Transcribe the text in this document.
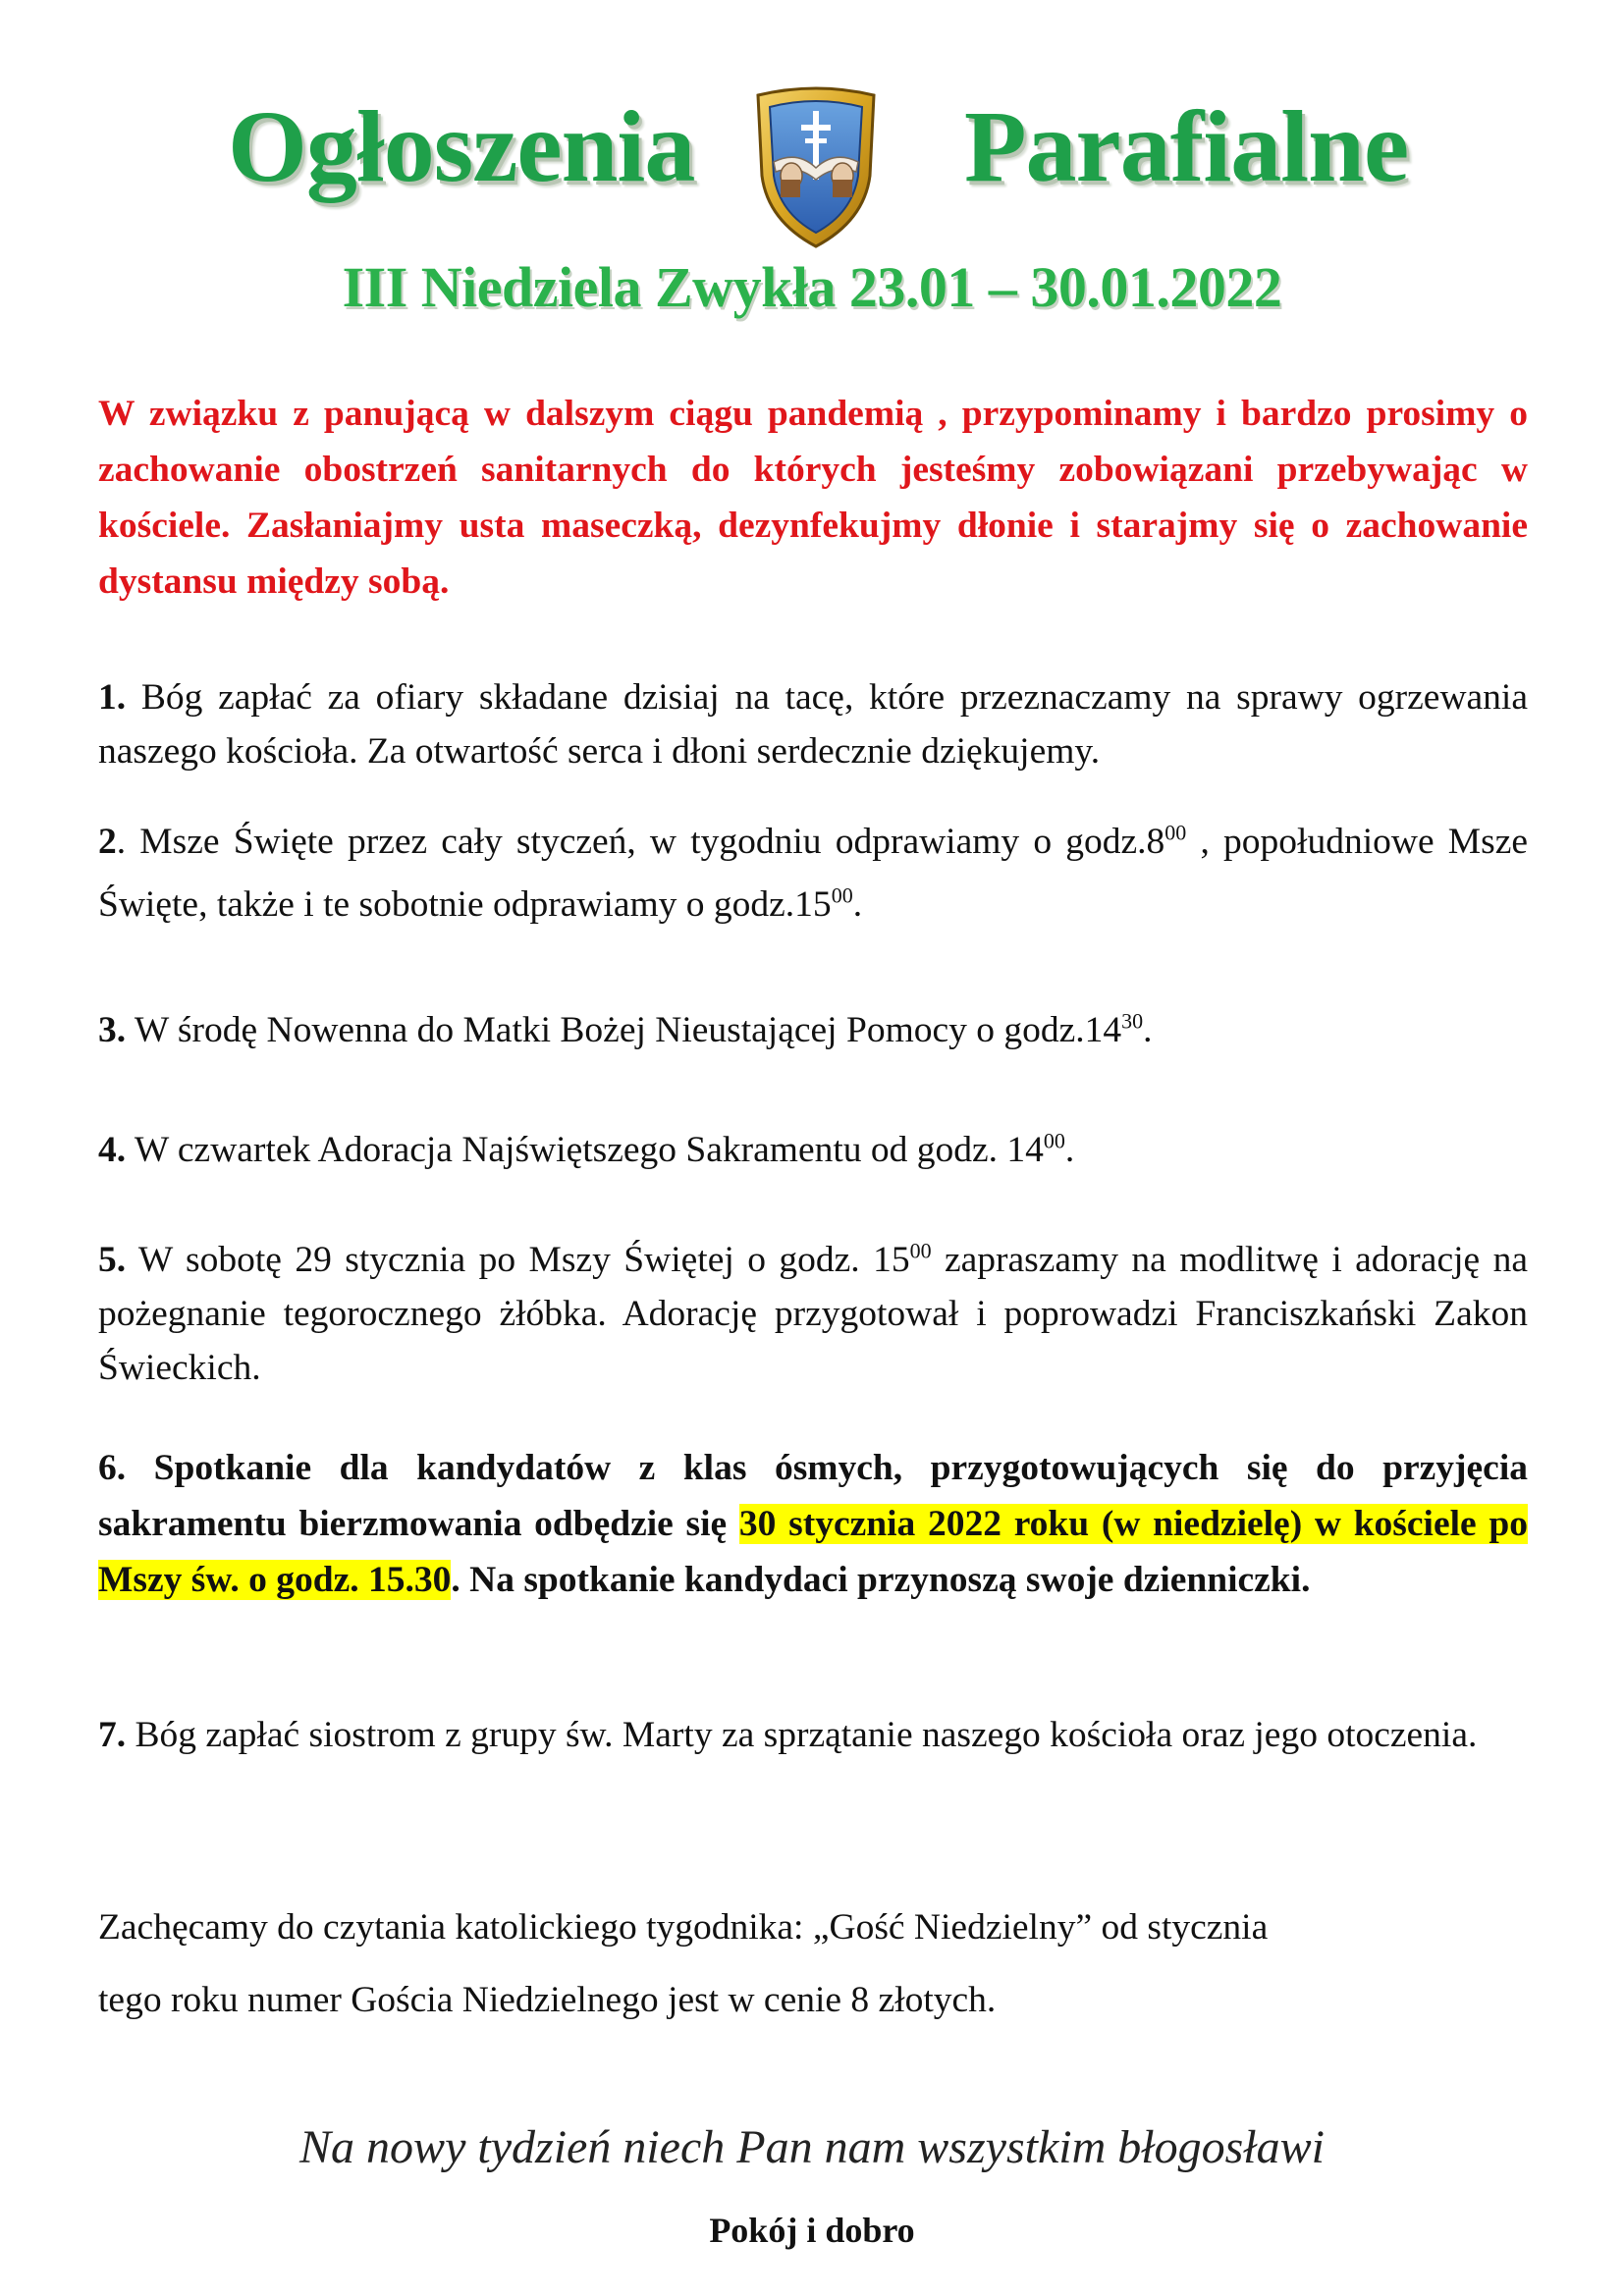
Ogłoszenia	Parafialne
III Niedziela Zwykła 23.01 – 30.01.2022
W związku z panującą w dalszym ciągu pandemią , przypominamy i bardzo prosimy o zachowanie obostrzeń sanitarnych do których jesteśmy zobowiązani przebywając w kościele. Zasłaniajmy usta maseczką, dezynfekujmy dłonie i starajmy się o zachowanie dystansu między sobą.
1. Bóg zapłać za ofiary składane dzisiaj na tacę, które przeznaczamy na sprawy ogrzewania naszego kościoła. Za otwartość serca i dłoni serdecznie dziękujemy.
2. Msze Święte przez cały styczeń, w tygodniu odprawiamy o $godz.8^{00}$ , popołudniowe Msze Święte, także i te sobotnie odprawiamy o $godz.15^{00}$.
3. W środę Nowenna do Matki Bożej Nieustającej Pomocy o $godz.14^{30}$.
4. W czwartek Adoracja Najświętszego Sakramentu od godz. $14^{00}$.
5. W sobotę 29 stycznia po Mszy Świętej o godz. $15^{00}$ zapraszamy na modlitwę i adorację na pożegnanie tegorocznego żłóbka. Adorację przygotował i poprowadzi Franciszkański Zakon Świeckich.
6. Spotkanie dla kandydatów z klas ósmych, przygotowujących się do przyjęcia sakramentu bierzmowania odbędzie się 30 stycznia 2022 roku (w niedzielę) w kościele po Mszy św. o godz. 15.30. Na spotkanie kandydaci przynoszą swoje dzienniczki.
7. Bóg zapłać siostrom z grupy św. Marty za sprzątanie naszego kościoła oraz jego otoczenia.
Zachęcamy do czytania katolickiego tygodnika: „Gość Niedzielny” od stycznia
tego roku numer Gościa Niedzielnego jest w cenie 8 złotych.
Na nowy tydzień niech Pan nam wszystkim błogosławi
Pokój i dobro
